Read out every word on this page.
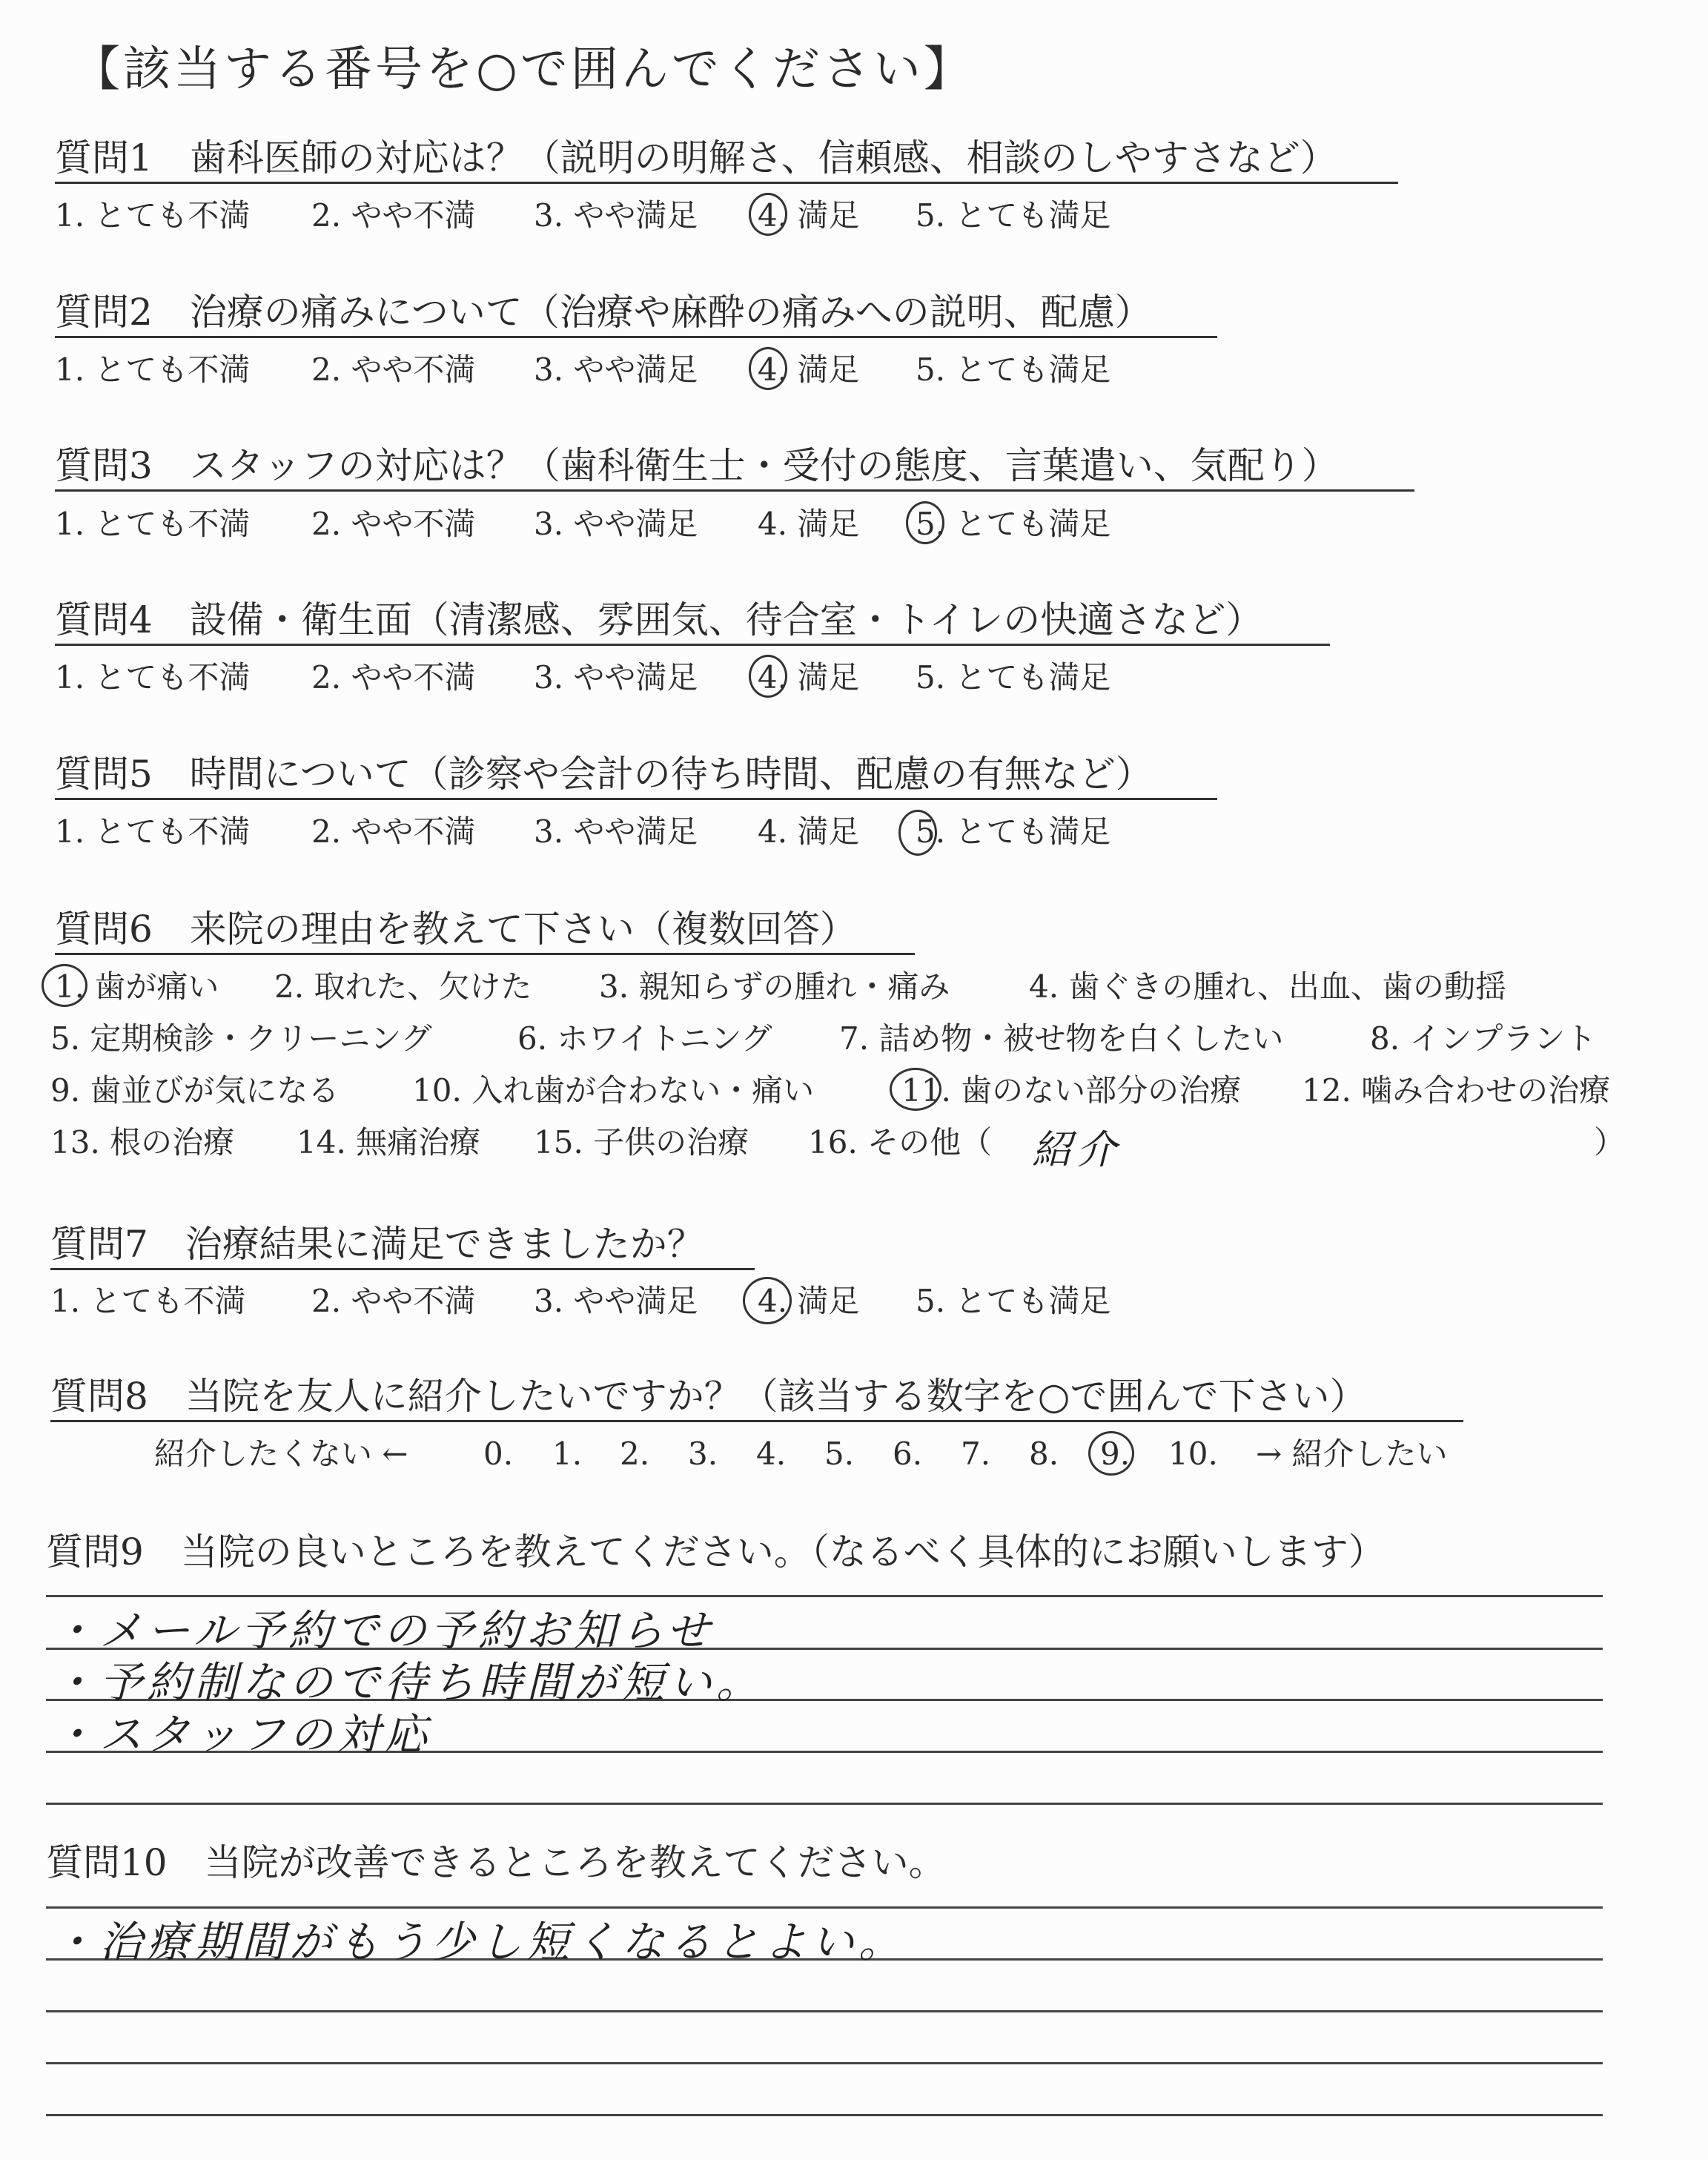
【該当する番号を○で囲んでください】
質問1　歯科医師の対応は？（説明の明解さ、信頼感、相談のしやすさなど）
1. とても不満 2. やや不満 3. やや満足 4. 満足 5. とても満足
質問2　治療の痛みについて（治療や麻酔の痛みへの説明、配慮）
1. とても不満 2. やや不満 3. やや満足 4. 満足 5. とても満足
質問3　スタッフの対応は？（歯科衛生士・受付の態度、言葉遣い、気配り）
1. とても不満 2. やや不満 3. やや満足 4. 満足 5. とても満足
質問4　設備・衛生面（清潔感、雰囲気、待合室・トイレの快適さなど）
1. とても不満 2. やや不満 3. やや満足 4. 満足 5. とても満足
質問5　時間について（診察や会計の待ち時間、配慮の有無など）
1. とても不満 2. やや不満 3. やや満足 4. 満足 5. とても満足
質問6　来院の理由を教えて下さい（複数回答）
1. 歯が痛い 2. 取れた、欠けた 3. 親知らずの腫れ・痛み	4. 歯ぐきの腫れ、出血、歯の動揺
5. 定期検診・クリーニング	6. ホワイトニング 7. 詰め物・被せ物を白くしたい	8. インプラント
9. 歯並びが気になる 10. 入れ歯が合わない・痛い	11. 歯のない部分の治療 12. 噛み合わせの治療
13. 根の治療 14. 無痛治療 15. 子供の治療 16. その他（	）
紹介
質問7　治療結果に満足できましたか？
1. とても不満 2. やや不満 3. やや満足 4. 満足 5. とても満足
質問8　当院を友人に紹介したいですか？（該当する数字を○で囲んで下さい）
紹介したくない ← 0. 1. 2. 3. 4. 5. 6. 7. 8. 9. 10. → 紹介したい
質問9　当院の良いところを教えてください。（なるべく具体的にお願いします）
・メール予約での予約お知らせ
・予約制なので待ち時間が短い。
・スタッフの対応
質問10　当院が改善できるところを教えてください。
・治療期間がもう少し短くなるとよい。
